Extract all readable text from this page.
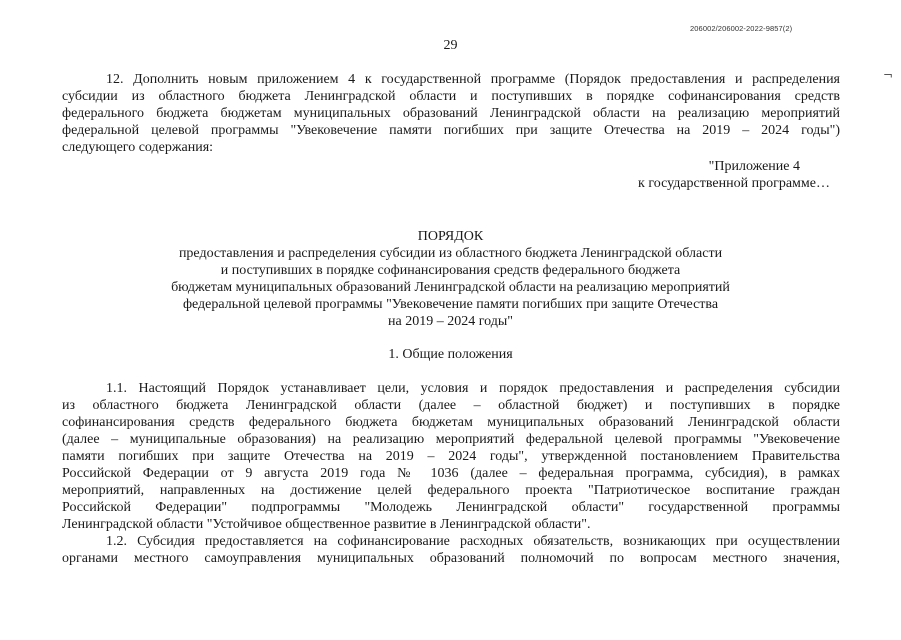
206002/206002-2022-9857(2)
29
¬
12. Дополнить новым приложением 4 к государственной программе (Порядок предоставления и распределения
субсидии из областного бюджета Ленинградской области и поступивших в порядке софинансирования средств
федерального бюджета бюджетам муниципальных образований Ленинградской области на реализацию мероприятий
федеральной целевой программы "Увековечение памяти погибших при защите Отечества на 2019 – 2024 годы")
следующего содержания:
"Приложение 4
к государственной программе…
ПОРЯДОК
предоставления и распределения субсидии из областного бюджета Ленинградской области
и поступивших в порядке софинансирования средств федерального бюджета
бюджетам муниципальных образований Ленинградской области на реализацию мероприятий
федеральной целевой программы "Увековечение памяти погибших при защите Отечества
на 2019 – 2024 годы"
1. Общие положения
1.1. Настоящий Порядок устанавливает цели, условия и порядок предоставления и распределения субсидии
из областного бюджета Ленинградской области (далее – областной бюджет) и поступивших в порядке
софинансирования средств федерального бюджета бюджетам муниципальных образований Ленинградской области
(далее – муниципальные образования) на реализацию мероприятий федеральной целевой программы "Увековечение
памяти погибших при защите Отечества на 2019 – 2024 годы", утвержденной постановлением Правительства
Российской Федерации от 9 августа 2019 года № 1036 (далее – федеральная программа, субсидия), в рамках
мероприятий, направленных на достижение целей федерального проекта "Патриотическое воспитание граждан
Российской Федерации" подпрограммы "Молодежь Ленинградской области" государственной программы
Ленинградской области "Устойчивое общественное развитие в Ленинградской области".
1.2. Субсидия предоставляется на софинансирование расходных обязательств, возникающих при осуществлении
органами местного самоуправления муниципальных образований полномочий по вопросам местного значения,
